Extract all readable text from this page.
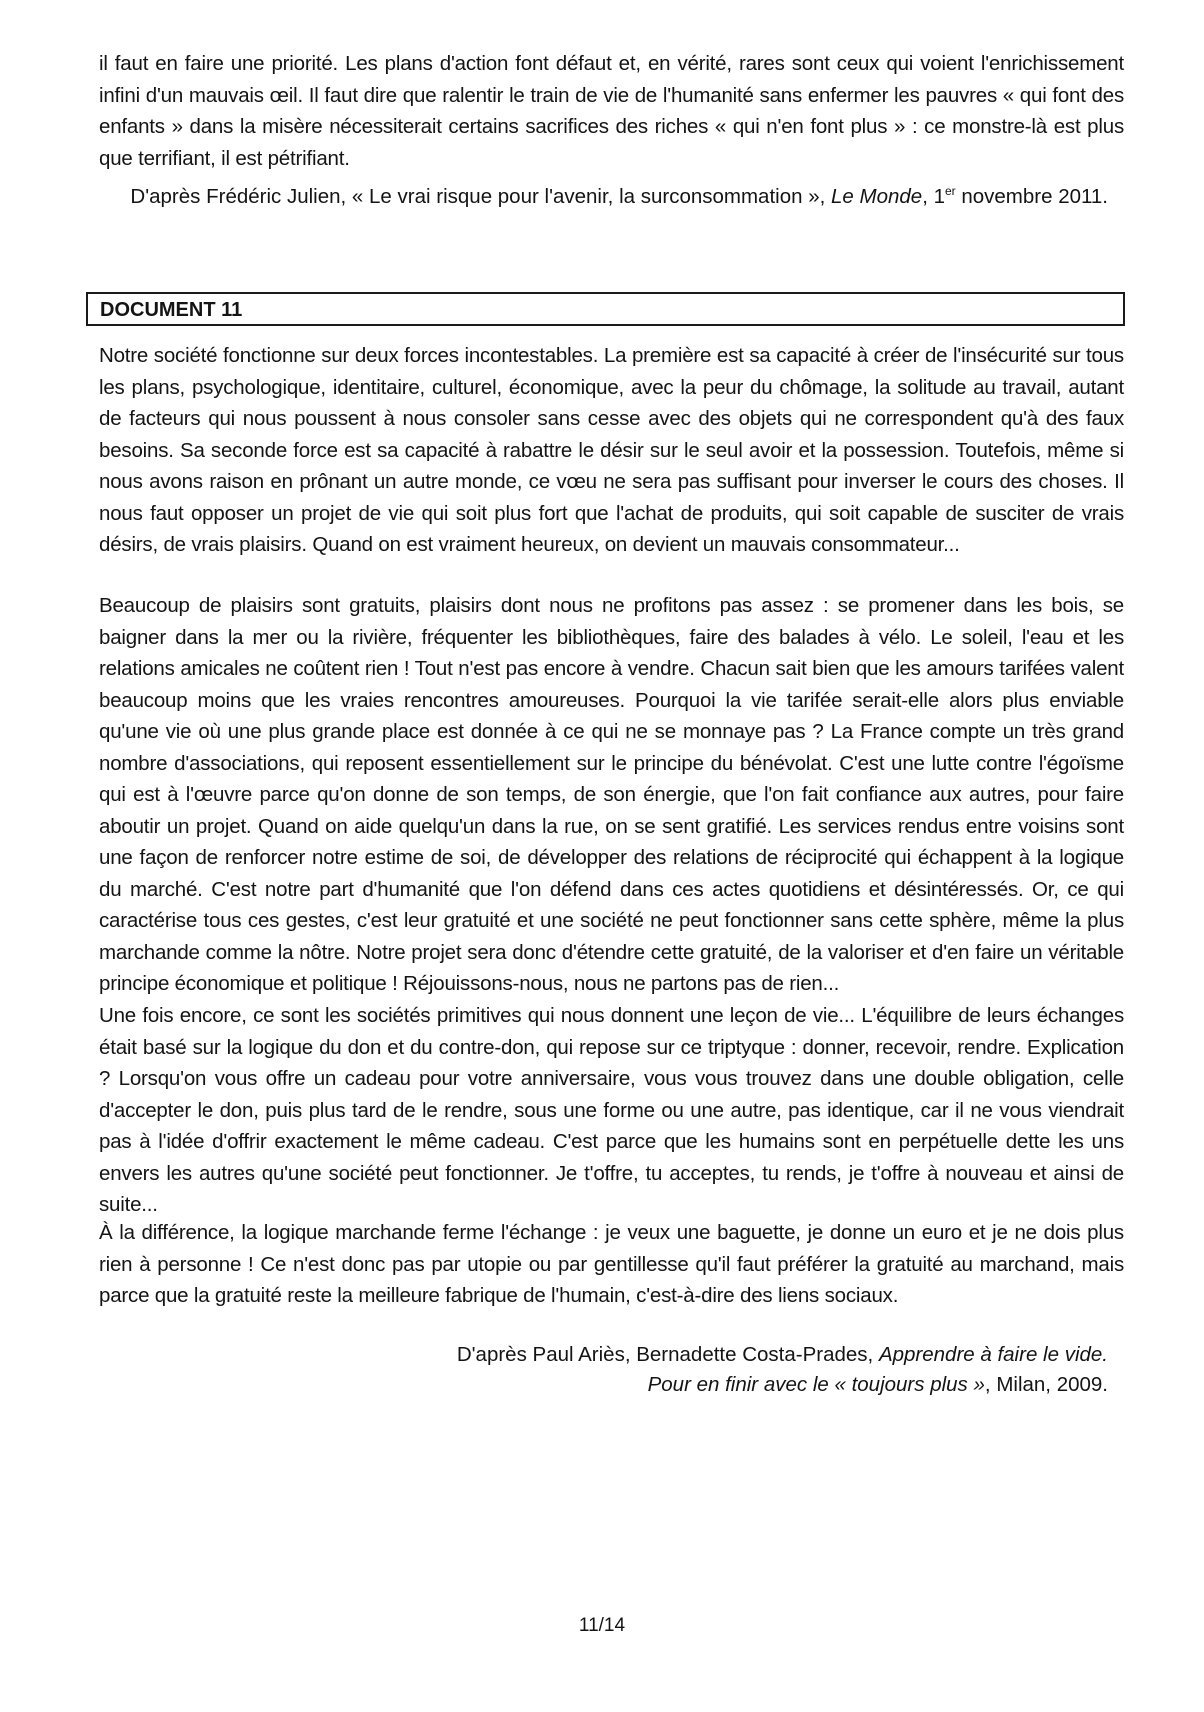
il faut en faire une priorité. Les plans d'action font défaut et, en vérité, rares sont ceux qui voient l'enrichissement infini d'un mauvais œil. Il faut dire que ralentir le train de vie de l'humanité sans enfermer les pauvres « qui font des enfants » dans la misère nécessiterait certains sacrifices des riches « qui n'en font plus » : ce monstre-là est plus que terrifiant, il est pétrifiant.

D'après Frédéric Julien, « Le vrai risque pour l'avenir, la surconsommation », Le Monde, 1er novembre 2011.

DOCUMENT 11

Notre société fonctionne sur deux forces incontestables. La première est sa capacité à créer de l'insécurité sur tous les plans, psychologique, identitaire, culturel, économique, avec la peur du chômage, la solitude au travail, autant de facteurs qui nous poussent à nous consoler sans cesse avec des objets qui ne correspondent qu'à des faux besoins. Sa seconde force est sa capacité à rabattre le désir sur le seul avoir et la possession. Toutefois, même si nous avons raison en prônant un autre monde, ce vœu ne sera pas suffisant pour inverser le cours des choses. Il nous faut opposer un projet de vie qui soit plus fort que l'achat de produits, qui soit capable de susciter de vrais désirs, de vrais plaisirs. Quand on est vraiment heureux, on devient un mauvais consommateur...

Beaucoup de plaisirs sont gratuits, plaisirs dont nous ne profitons pas assez : se promener dans les bois, se baigner dans la mer ou la rivière, fréquenter les bibliothèques, faire des balades à vélo. Le soleil, l'eau et les relations amicales ne coûtent rien ! Tout n'est pas encore à vendre. Chacun sait bien que les amours tarifées valent beaucoup moins que les vraies rencontres amoureuses. Pourquoi la vie tarifée serait-elle alors plus enviable qu'une vie où une plus grande place est donnée à ce qui ne se monnaye pas ? La France compte un très grand nombre d'associations, qui reposent essentiellement sur le principe du bénévolat. C'est une lutte contre l'égoïsme qui est à l'œuvre parce qu'on donne de son temps, de son énergie, que l'on fait confiance aux autres, pour faire aboutir un projet. Quand on aide quelqu'un dans la rue, on se sent gratifié. Les services rendus entre voisins sont une façon de renforcer notre estime de soi, de développer des relations de réciprocité qui échappent à la logique du marché. C'est notre part d'humanité que l'on défend dans ces actes quotidiens et désintéressés. Or, ce qui caractérise tous ces gestes, c'est leur gratuité et une société ne peut fonctionner sans cette sphère, même la plus marchande comme la nôtre. Notre projet sera donc d'étendre cette gratuité, de la valoriser et d'en faire un véritable principe économique et politique ! Réjouissons-nous, nous ne partons pas de rien...

Une fois encore, ce sont les sociétés primitives qui nous donnent une leçon de vie... L'équilibre de leurs échanges était basé sur la logique du don et du contre-don, qui repose sur ce triptyque : donner, recevoir, rendre. Explication ? Lorsqu'on vous offre un cadeau pour votre anniversaire, vous vous trouvez dans une double obligation, celle d'accepter le don, puis plus tard de le rendre, sous une forme ou une autre, pas identique, car il ne vous viendrait pas à l'idée d'offrir exactement le même cadeau. C'est parce que les humains sont en perpétuelle dette les uns envers les autres qu'une société peut fonctionner. Je t'offre, tu acceptes, tu rends, je t'offre à nouveau et ainsi de suite...

À la différence, la logique marchande ferme l'échange : je veux une baguette, je donne un euro et je ne dois plus rien à personne ! Ce n'est donc pas par utopie ou par gentillesse qu'il faut préférer la gratuité au marchand, mais parce que la gratuité reste la meilleure fabrique de l'humain, c'est-à-dire des liens sociaux.

D'après Paul Ariès, Bernadette Costa-Prades, Apprendre à faire le vide.
Pour en finir avec le « toujours plus », Milan, 2009.

11/14
